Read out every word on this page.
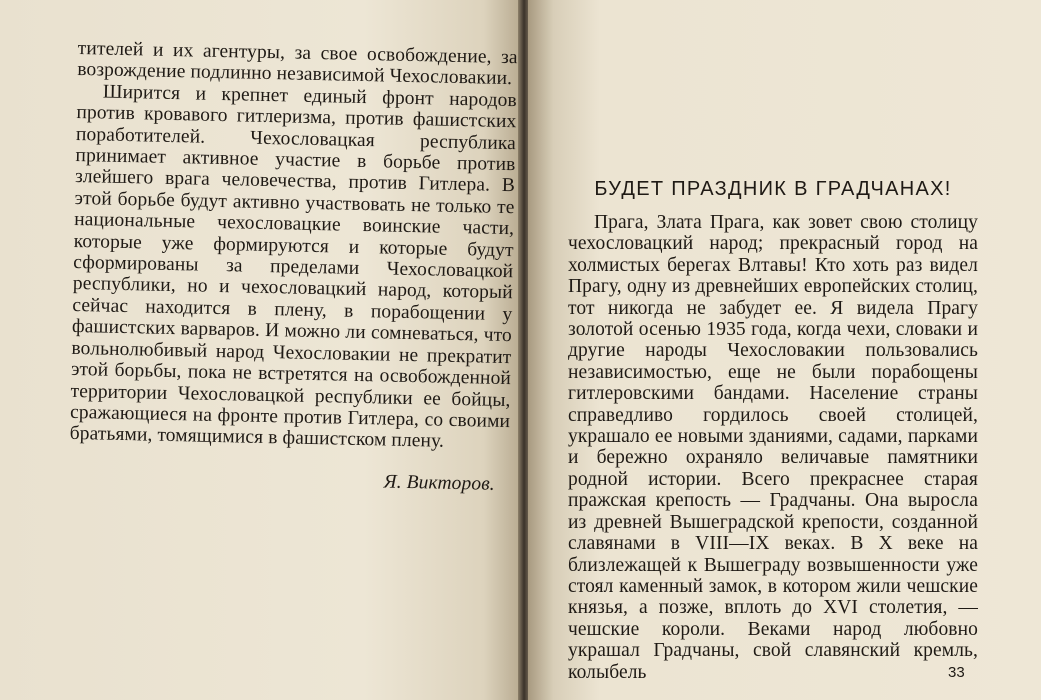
тителей и их агентуры, за свое освобождение, за возрождение подлинно независимой Чехословакии.

Ширится и крепнет единый фронт народов против кровавого гитлеризма, против фашистских поработителей. Чехословацкая республика принимает активное участие в борьбе против злейшего врага человечества, против Гитлера. В этой борьбе будут активно участвовать не только те национальные чехословацкие воинские части, которые уже формируются и которые будут сформированы за пределами Чехословацкой республики, но и чехословацкий народ, который сейчас находится в плену, в порабощении у фашистских варваров. И можно ли сомневаться, что вольнолюбивый народ Чехословакии не прекратит этой борьбы, пока не встретятся на освобожденной территории Чехословацкой республики ее бойцы, сражающиеся на фронте против Гитлера, со своими братьями, томящимися в фашистском плену.

Я. Викторов.

БУДЕТ ПРАЗДНИК В ГРАДЧАНАХ!

Прага, Злата Прага, как зовет свою столицу чехословацкий народ; прекрасный город на холмистых берегах Влтавы! Кто хоть раз видел Прагу, одну из древнейших европейских столиц, тот никогда не забудет ее. Я видела Прагу золотой осенью 1935 года, когда чехи, словаки и другие народы Чехословакии пользовались независимостью, еще не были порабощены гитлеровскими бандами. Население страны справедливо гордилось своей столицей, украшало ее новыми зданиями, садами, парками и бережно охраняло величавые памятники родной истории. Всего прекраснее старая пражская крепость — Градчаны. Она выросла из древней Вышеградской крепости, созданной славянами в VIII—IX веках. В X веке на близлежащей к Вышеграду возвышенности уже стоял каменный замок, в котором жили чешские князья, а позже, вплоть до XVI столетия, — чешские короли. Веками народ любовно украшал Градчаны, свой славянский кремль, колыбель	33
